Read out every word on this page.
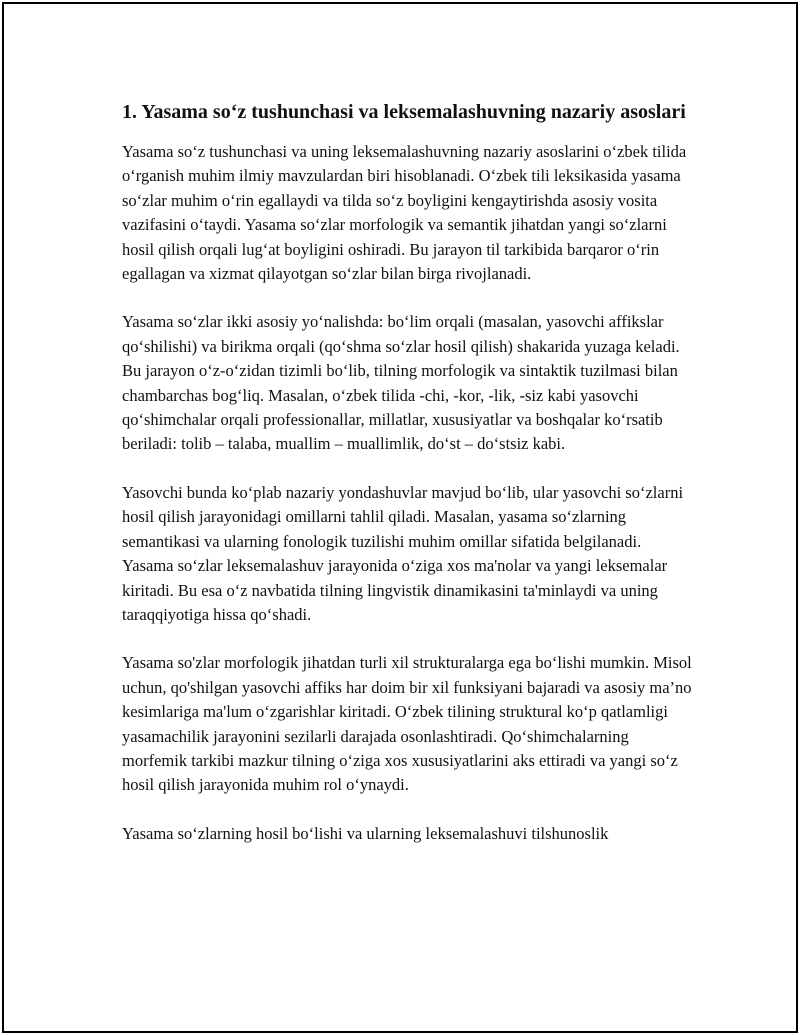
1. Yasama so‘z tushunchasi va leksemalashuvning nazariy asoslari

Yasama so‘z tushunchasi va uning leksemalashuvning nazariy asoslarini o‘zbek tilida o‘rganish muhim ilmiy mavzulardan biri hisoblanadi. O‘zbek tili leksikasida yasama so‘zlar muhim o‘rin egallaydi va tilda so‘z boyligini kengaytirishda asosiy vosita vazifasini o‘taydi. Yasama so‘zlar morfologik va semantik jihatdan yangi so‘zlarni hosil qilish orqali lug‘at boyligini oshiradi. Bu jarayon til tarkibida barqaror o‘rin egallagan va xizmat qilayotgan so‘zlar bilan birga rivojlanadi.

Yasama so‘zlar ikki asosiy yo‘nalishda: bo‘lim orqali (masalan, yasovchi affikslar qo‘shilishi) va birikma orqali (qo‘shma so‘zlar hosil qilish) shakarida yuzaga keladi. Bu jarayon o‘z-o‘zidan tizimli bo‘lib, tilning morfologik va sintaktik tuzilmasi bilan chambarchas bog‘liq. Masalan, o‘zbek tilida -chi, -kor, -lik, -siz kabi yasovchi qo‘shimchalar orqali professionallar, millatlar, xususiyatlar va boshqalar ko‘rsatib beriladi: tolib – talaba, muallim – muallimlik, do‘st – do‘stsiz kabi.

Yasovchi bunda ko‘plab nazariy yondashuvlar mavjud bo‘lib, ular yasovchi so‘zlarni hosil qilish jarayonidagi omillarni tahlil qiladi. Masalan, yasama so‘zlarning semantikasi va ularning fonologik tuzilishi muhim omillar sifatida belgilanadi. Yasama so‘zlar leksemalashuv jarayonida o‘ziga xos ma'nolar va yangi leksemalar kiritadi. Bu esa o‘z navbatida tilning lingvistik dinamikasini ta'minlaydi va uning taraqqiyotiga hissa qo‘shadi.

Yasama so'zlar morfologik jihatdan turli xil strukturalarga ega bo‘lishi mumkin. Misol uchun, qo'shilgan yasovchi affiks har doim bir xil funksiyani bajaradi va asosiy ma’no kesimlariga ma'lum o‘zgarishlar kiritadi. O‘zbek tilining struktural ko‘p qatlamligi yasamachilik jarayonini sezilarli darajada osonlashtiradi. Qo‘shimchalarning morfemik tarkibi mazkur tilning o‘ziga xos xususiyatlarini aks ettiradi va yangi so‘z hosil qilish jarayonida muhim rol o‘ynaydi.

Yasama so‘zlarning hosil bo‘lishi va ularning leksemalashuvi tilshunoslik
